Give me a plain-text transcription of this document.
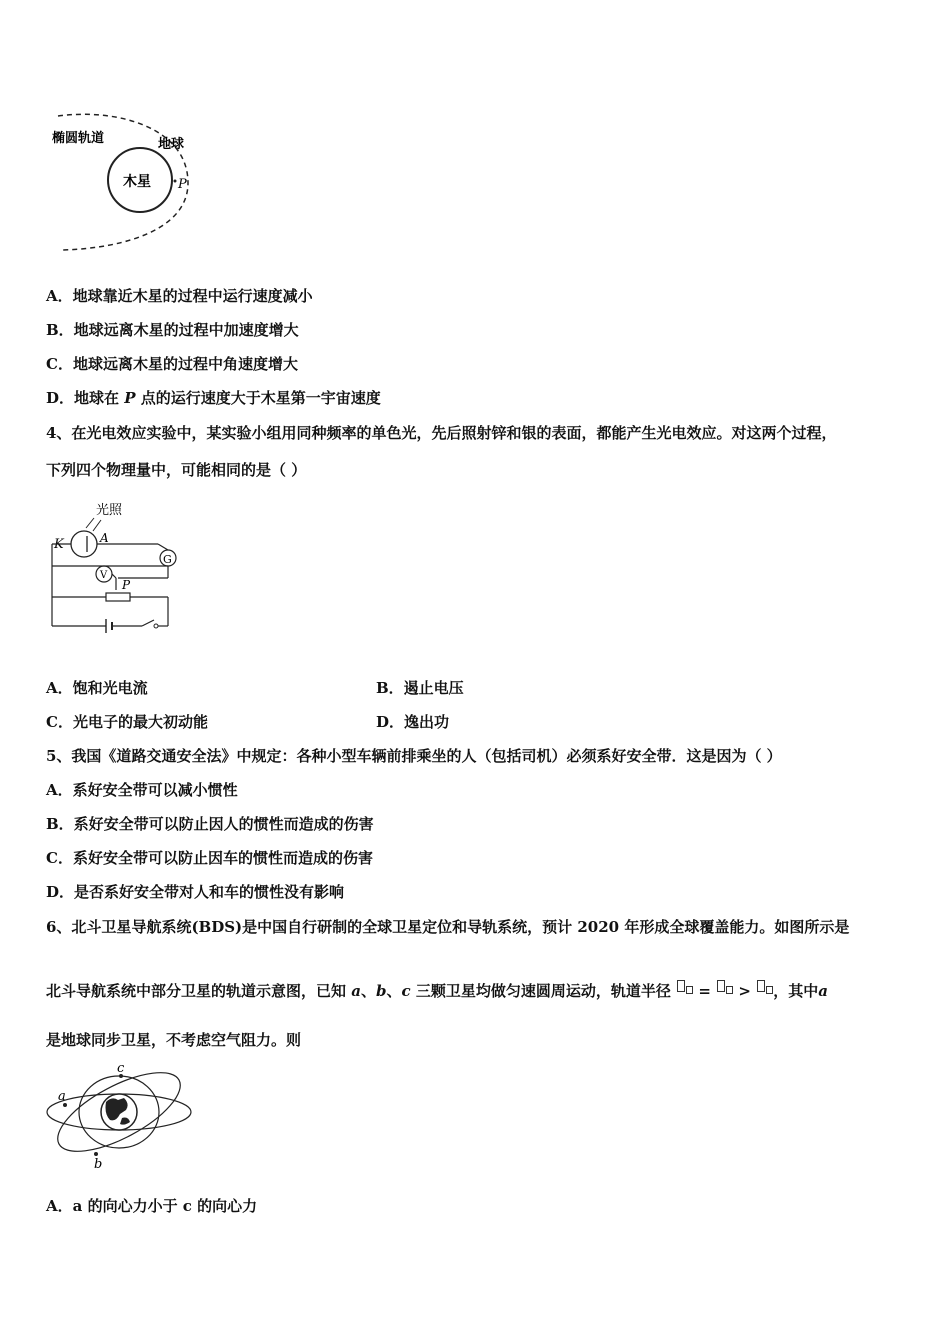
椭圆轨道	地球
木星 P
A．地球靠近木星的过程中运行速度减小
B．地球远离木星的过程中加速度增大
C．地球远离木星的过程中角速度增大
D．地球在 P 点的运行速度大于木星第一宇宙速度
4、在光电效应实验中，某实验小组用同种频率的单色光，先后照射锌和银的表面，都能产生光电效应。对这两个过程，
下列四个物理量中，可能相同的是（ ）
光照
K	A
G
V
P
A．饱和光电流	B．遏止电压
C．光电子的最大初动能	D．逸出功
5、我国《道路交通安全法》中规定：各种小型车辆前排乘坐的人（包括司机）必须系好安全带．这是因为（ ）
A．系好安全带可以减小惯性
B．系好安全带可以防止因人的惯性而造成的伤害
C．系好安全带可以防止因车的惯性而造成的伤害
D．是否系好安全带对人和车的惯性没有影响
6、北斗卫星导航系统(BDS)是中国自行研制的全球卫星定位和导轨系统，预计 2020 年形成全球覆盖能力。如图所示是
北斗导航系统中部分卫星的轨道示意图，已知 a、b、c 三颗卫星均做匀速圆周运动，轨道半径 = > ，其中a
是地球同步卫星，不考虑空气阻力。则
a
c
b
A．a 的向心力小于 c 的向心力
